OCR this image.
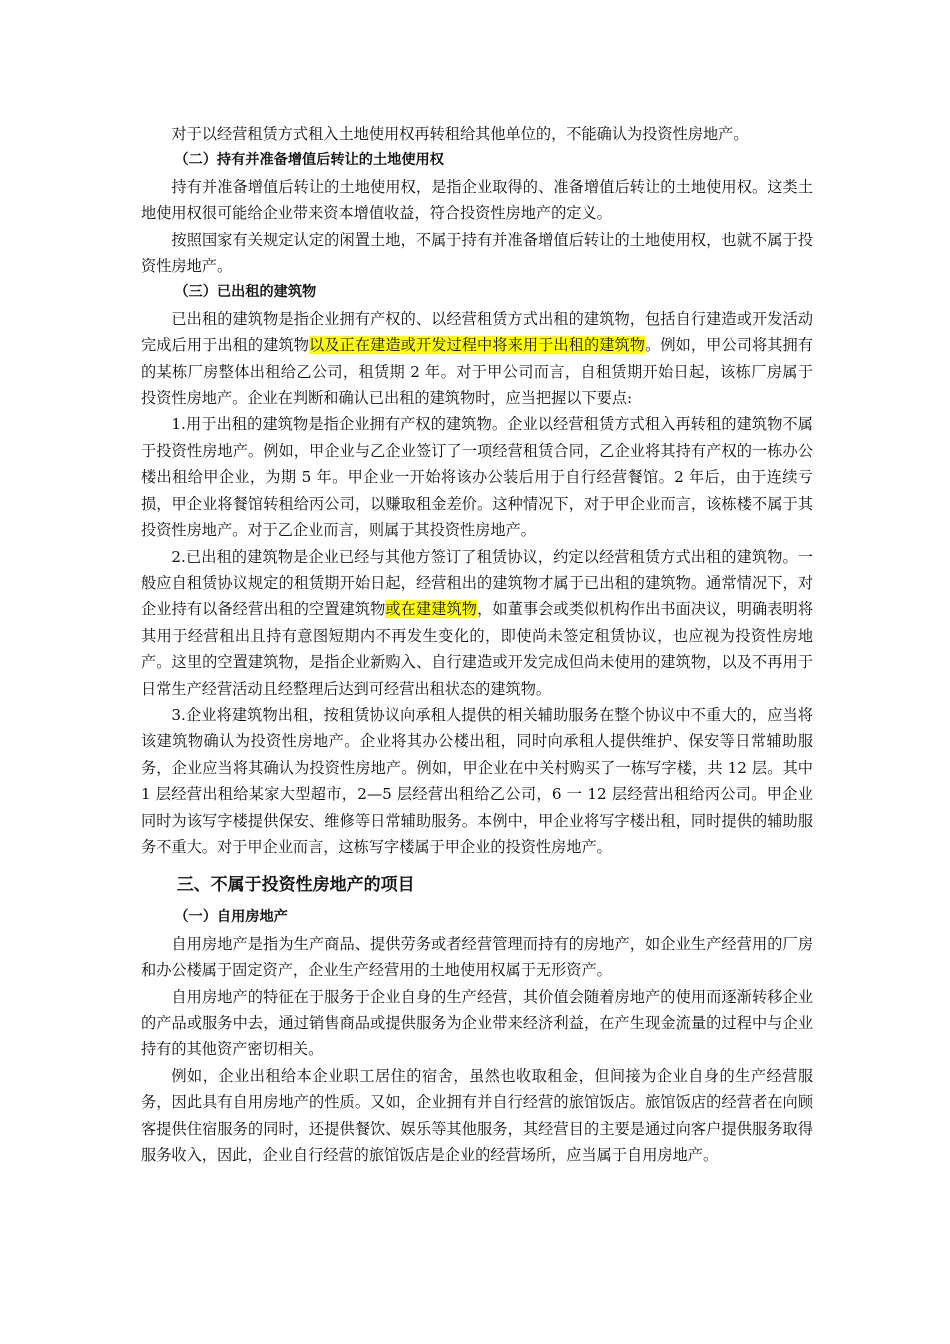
对于以经营租赁方式租入土地使用权再转租给其他单位的，不能确认为投资性房地产。

（二）持有并准备增值后转让的土地使用权

持有并准备增值后转让的土地使用权，是指企业取得的、准备增值后转让的土地使用权。这类土地使用权很可能给企业带来资本增值收益，符合投资性房地产的定义。

按照国家有关规定认定的闲置土地，不属于持有并准备增值后转让的土地使用权，也就不属于投资性房地产。

（三）已出租的建筑物

已出租的建筑物是指企业拥有产权的、以经营租赁方式出租的建筑物，包括自行建造或开发活动完成后用于出租的建筑物以及正在建造或开发过程中将来用于出租的建筑物。例如，甲公司将其拥有的某栋厂房整体出租给乙公司，租赁期 2 年。对于甲公司而言，自租赁期开始日起，该栋厂房属于投资性房地产。企业在判断和确认已出租的建筑物时，应当把握以下要点:

1.用于出租的建筑物是指企业拥有产权的建筑物。企业以经营租赁方式租入再转租的建筑物不属于投资性房地产。例如，甲企业与乙企业签订了一项经营租赁合同，乙企业将其持有产权的一栋办公楼出租给甲企业，为期 5 年。甲企业一开始将该办公装后用于自行经营餐馆。2 年后，由于连续亏损，甲企业将餐馆转租给丙公司，以赚取租金差价。这种情况下，对于甲企业而言，该栋楼不属于其投资性房地产。对于乙企业而言，则属于其投资性房地产。

2.已出租的建筑物是企业已经与其他方签订了租赁协议，约定以经营租赁方式出租的建筑物。一般应自租赁协议规定的租赁期开始日起，经营租出的建筑物才属于已出租的建筑物。通常情况下，对企业持有以备经营出租的空置建筑物或在建建筑物，如董事会或类似机构作出书面决议，明确表明将其用于经营租出且持有意图短期内不再发生变化的，即使尚未签定租赁协议，也应视为投资性房地产。这里的空置建筑物，是指企业新购入、自行建造或开发完成但尚未使用的建筑物，以及不再用于日常生产经营活动且经整理后达到可经营出租状态的建筑物。

3.企业将建筑物出租，按租赁协议向承租人提供的相关辅助服务在整个协议中不重大的，应当将该建筑物确认为投资性房地产。企业将其办公楼出租，同时向承租人提供维护、保安等日常辅助服务，企业应当将其确认为投资性房地产。例如，甲企业在中关村购买了一栋写字楼，共 12 层。其中 1 层经营出租给某家大型超市，2—5 层经营出租给乙公司，6 一 12 层经营出租给丙公司。甲企业同时为该写字楼提供保安、维修等日常辅助服务。本例中，甲企业将写字楼出租，同时提供的辅助服务不重大。对于甲企业而言，这栋写字楼属于甲企业的投资性房地产。

三、不属于投资性房地产的项目
（一）自用房地产

自用房地产是指为生产商品、提供劳务或者经营管理而持有的房地产，如企业生产经营用的厂房和办公楼属于固定资产，企业生产经营用的土地使用权属于无形资产。

自用房地产的特征在于服务于企业自身的生产经营，其价值会随着房地产的使用而逐渐转移企业的产品或服务中去，通过销售商品或提供服务为企业带来经济利益，在产生现金流量的过程中与企业持有的其他资产密切相关。

例如，企业出租给本企业职工居住的宿舍，虽然也收取租金，但间接为企业自身的生产经营服务，因此具有自用房地产的性质。又如，企业拥有并自行经营的旅馆饭店。旅馆饭店的经营者在向顾客提供住宿服务的同时，还提供餐饮、娱乐等其他服务，其经营目的主要是通过向客户提供服务取得服务收入，因此，企业自行经营的旅馆饭店是企业的经营场所，应当属于自用房地产。
